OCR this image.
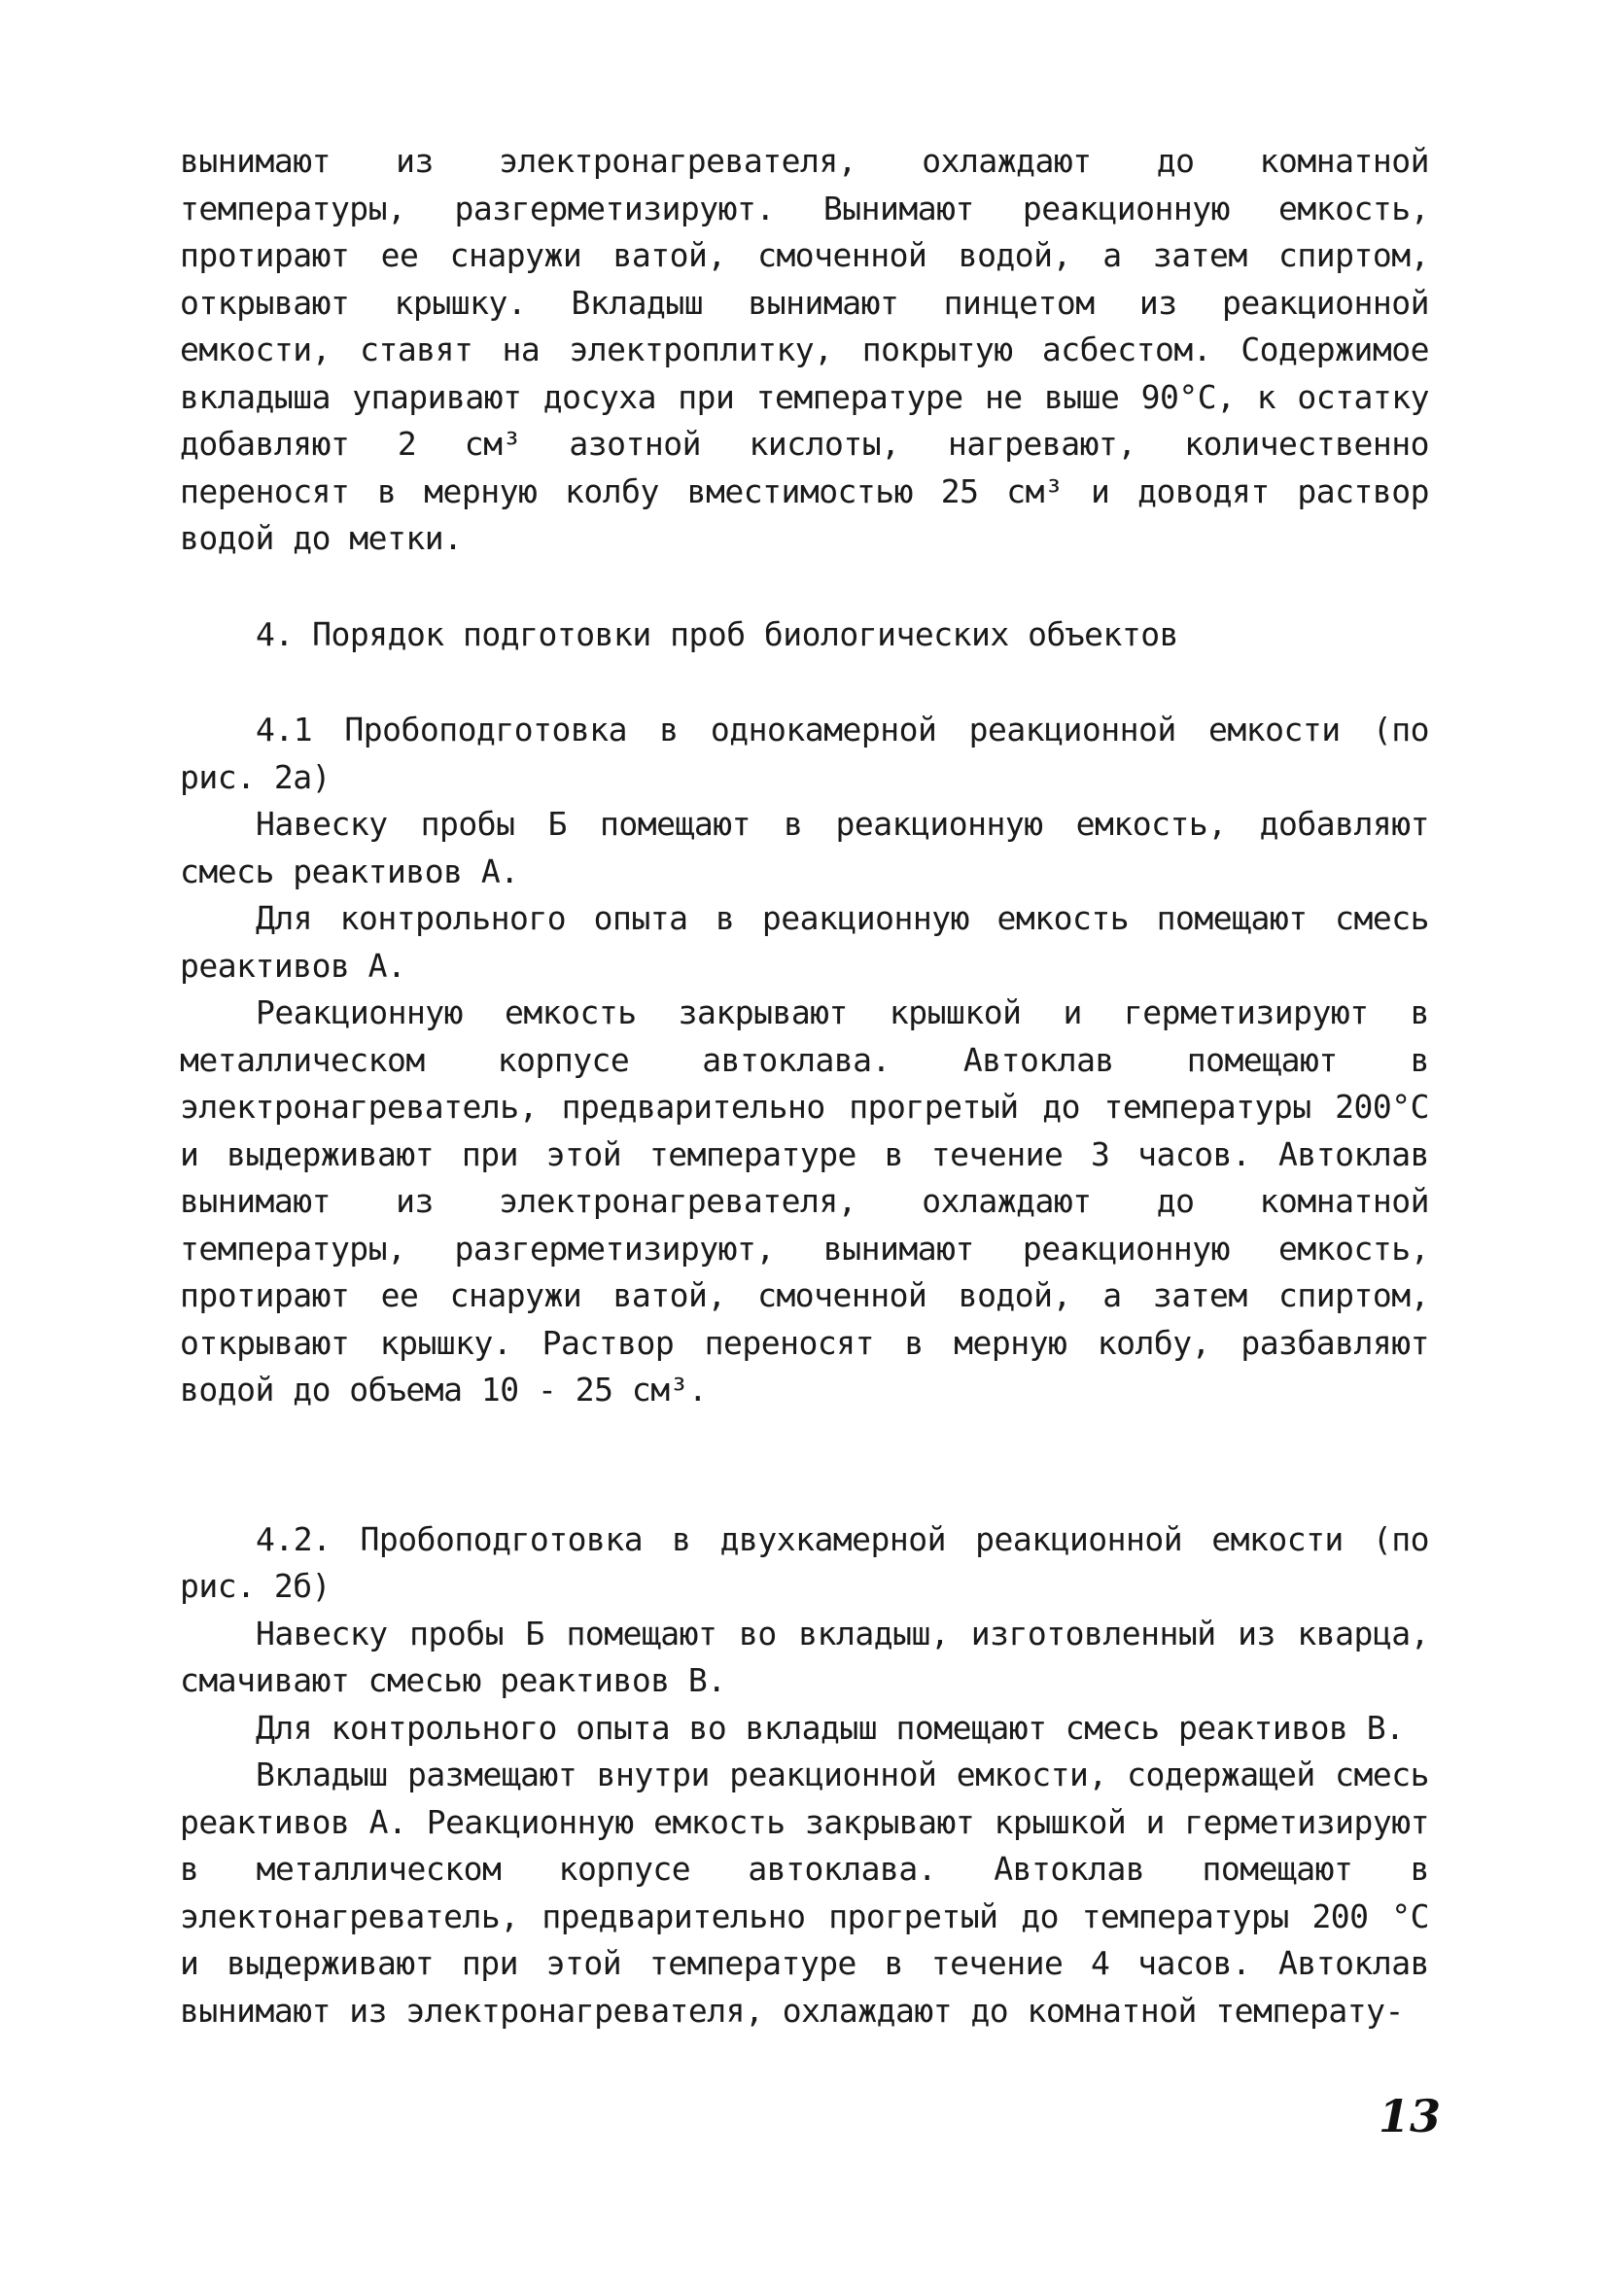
вынимают из электронагревателя, охлаждают до комнатной температуры, разгерметизируют. Вынимают реакционную емкость, протирают ее снаружи ватой, смоченной водой, а затем спиртом, открывают крышку. Вкладыш вынимают пинцетом из реакционной емкости, ставят на электроплитку, покрытую асбестом. Содержимое вкладыша упаривают досуха при температуре не выше 90°С, к остатку добавляют 2 см³ азотной кислоты, нагревают, количественно переносят в мерную колбу вместимостью 25 см³ и доводят раствор водой до метки.

4. Порядок подготовки проб биологических объектов

4.1 Пробоподготовка в однокамерной реакционной емкости (по рис. 2а)

Навеску пробы Б помещают в реакционную емкость, добавляют смесь реактивов А.

Для контрольного опыта в реакционную емкость помещают смесь реактивов А.

Реакционную емкость закрывают крышкой и герметизируют в металлическом корпусе автоклава. Автоклав помещают в электронагреватель, предварительно прогретый до температуры 200°С и выдерживают при этой температуре в течение 3 часов. Автоклав вынимают из электронагревателя, охлаждают до комнатной температуры, разгерметизируют, вынимают реакционную емкость, протирают ее снаружи ватой, смоченной водой, а затем спиртом, открывают крышку. Раствор переносят в мерную колбу, разбавляют водой до объема 10 - 25 см³.

4.2. Пробоподготовка в двухкамерной реакционной емкости (по рис. 2б)

Навеску пробы Б помещают во вкладыш, изготовленный из кварца, смачивают смесью реактивов В.

Для контрольного опыта во вкладыш помещают смесь реактивов В.

Вкладыш размещают внутри реакционной емкости, содержащей смесь реактивов А. Реакционную емкость закрывают крышкой и герметизируют в металлическом корпусе автоклава. Автоклав помещают в электонагреватель, предварительно прогретый до температуры 200 °С и выдерживают при этой температуре в течение 4 часов. Автоклав вынимают из электронагревателя, охлаждают до комнатной температу-

13
